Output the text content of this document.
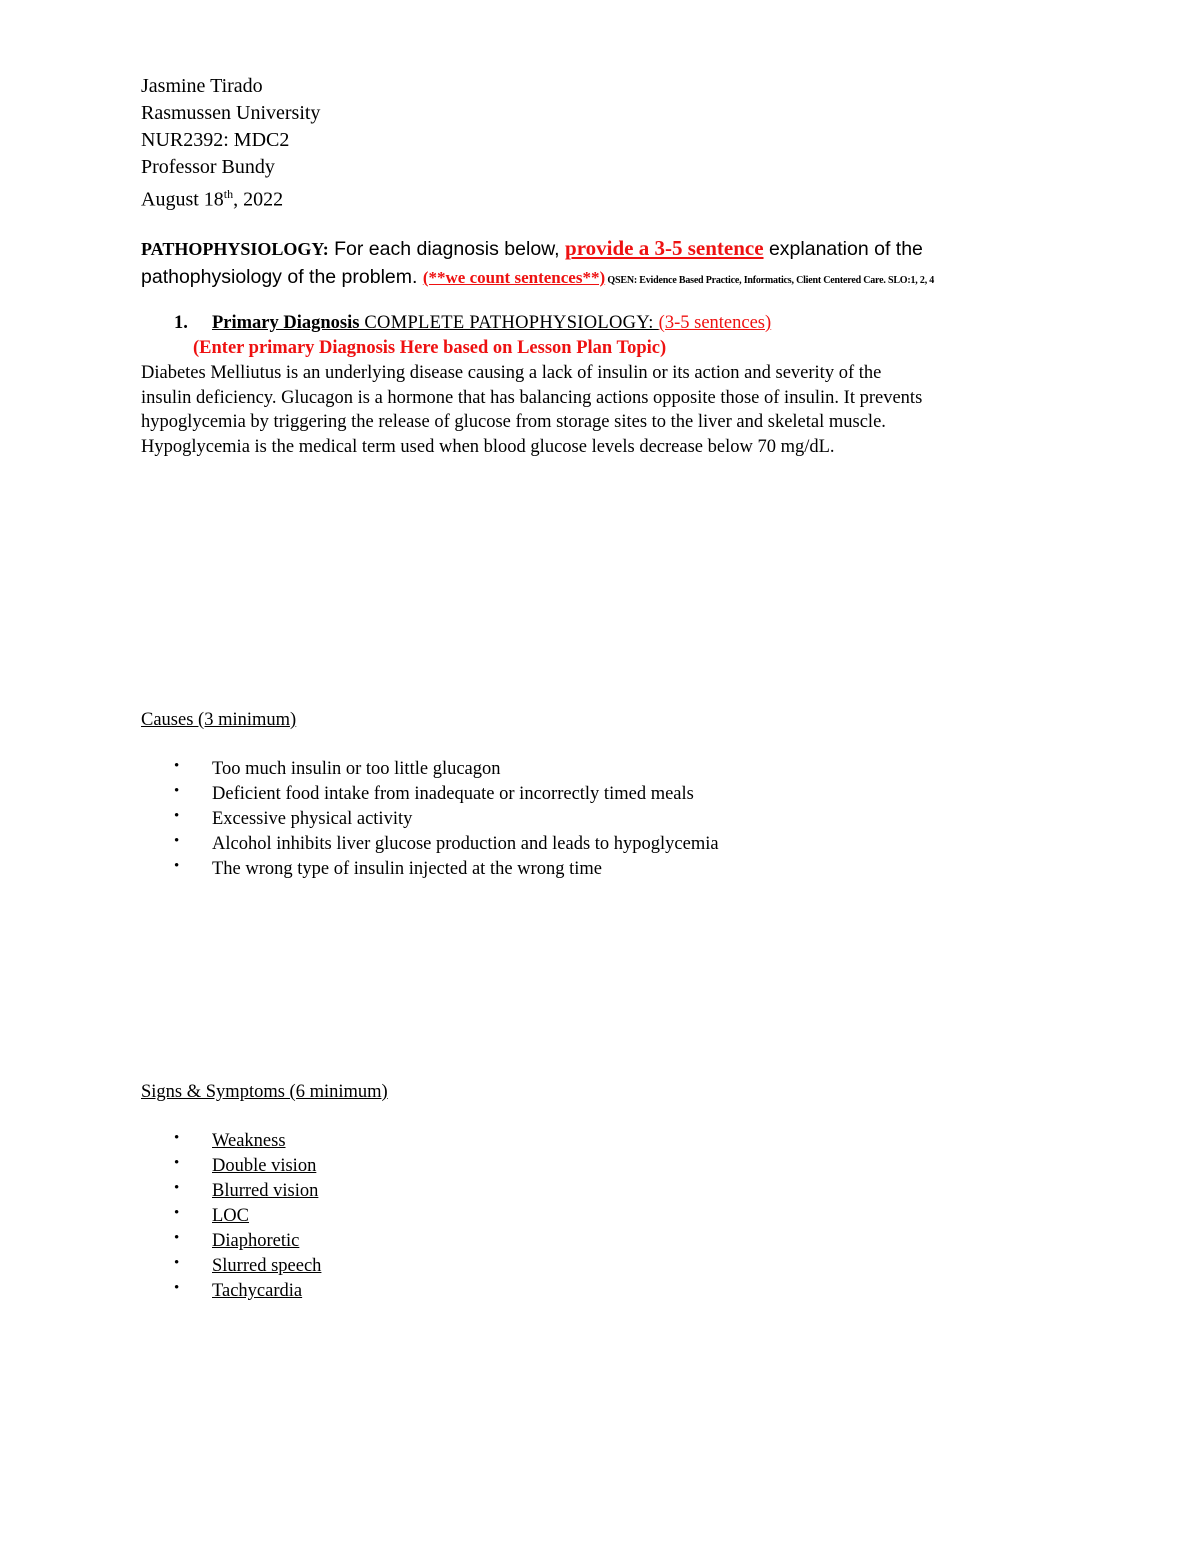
Jasmine Tirado
Rasmussen University
NUR2392: MDC2
Professor Bundy
August 18th, 2022
PATHOPHYSIOLOGY: For each diagnosis below, provide a 3-5 sentence explanation of the
pathophysiology of the problem. (**we count sentences**) QSEN: Evidence Based Practice, Informatics, Client Centered Care. SLO:1, 2, 4
1. Primary Diagnosis COMPLETE PATHOPHYSIOLOGY: (3-5 sentences)
(Enter primary Diagnosis Here based on Lesson Plan Topic)
Diabetes Melliutus is an underlying disease causing a lack of insulin or its action and severity of the
insulin deficiency. Glucagon is a hormone that has balancing actions opposite those of insulin. It prevents
hypoglycemia by triggering the release of glucose from storage sites to the liver and skeletal muscle.
Hypoglycemia is the medical term used when blood glucose levels decrease below 70 mg/dL.
Causes (3 minimum)
• Too much insulin or too little glucagon
• Deficient food intake from inadequate or incorrectly timed meals
• Excessive physical activity
• Alcohol inhibits liver glucose production and leads to hypoglycemia
• The wrong type of insulin injected at the wrong time
Signs & Symptoms (6 minimum)
• Weakness
• Double vision
• Blurred vision
• LOC
• Diaphoretic
• Slurred speech
• Tachycardia
